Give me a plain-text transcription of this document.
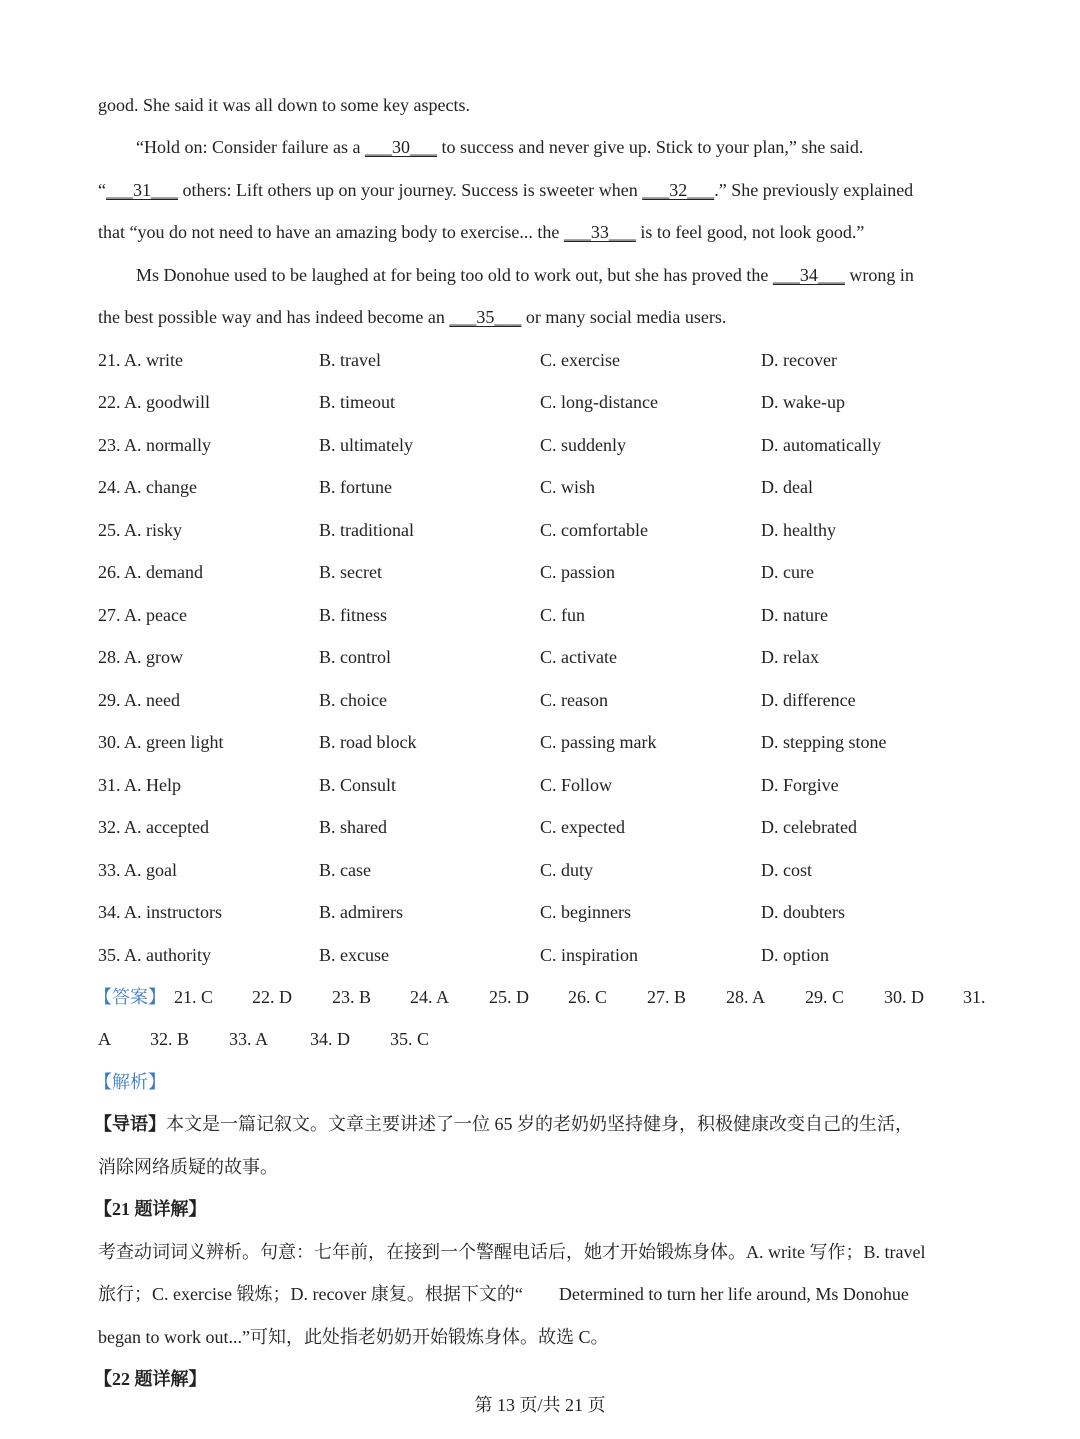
good. She said it was all down to some key aspects.
“Hold on: Consider failure as a ___30___ to success and never give up. Stick to your plan,” she said.
“___31___ others: Lift others up on your journey. Success is sweeter when ___32___.” She previously explained
that “you do not need to have an amazing body to exercise... the ___33___ is to feel good, not look good.”
Ms Donohue used to be laughed at for being too old to work out, but she has proved the ___34___ wrong in
the best possible way and has indeed become an ___35___ or many social media users.
21. A. write	B. travel	C. exercise	D. recover
22. A. goodwill	B. timeout	C. long-distance	D. wake-up
23. A. normally	B. ultimately	C. suddenly	D. automatically
24. A. change	B. fortune	C. wish	D. deal
25. A. risky	B. traditional	C. comfortable	D. healthy
26. A. demand	B. secret	C. passion	D. cure
27. A. peace	B. fitness	C. fun	D. nature
28. A. grow	B. control	C. activate	D. relax
29. A. need	B. choice	C. reason	D. difference
30. A. green light	B. road block	C. passing mark	D. stepping stone
31. A. Help	B. Consult	C. Follow	D. Forgive
32. A. accepted	B. shared	C. expected	D. celebrated
33. A. goal	B. case	C. duty	D. cost
34. A. instructors	B. admirers	C. beginners	D. doubters
35. A. authority	B. excuse	C. inspiration	D. option
【答案】 21. C 22. D 23. B 24. A 25. D 26. C 27. B 28. A 29. C 30. D 31.
A 32. B 33. A 34. D 35. C
【解析】
【导语】本文是一篇记叙文。文章主要讲述了一位 65 岁的老奶奶坚持健身，积极健康改变自己的生活，
消除网络质疑的故事。
【21 题详解】
考查动词词义辨析。句意：七年前，在接到一个警醒电话后，她才开始锻炼身体。A. write 写作；B. travel
旅行；C. exercise 锻炼；D. recover 康复。根据下文的“　　Determined to turn her life around, Ms Donohue
began to work out...”可知，此处指老奶奶开始锻炼身体。故选 C。
【22 题详解】
第 13 页/共 21 页
